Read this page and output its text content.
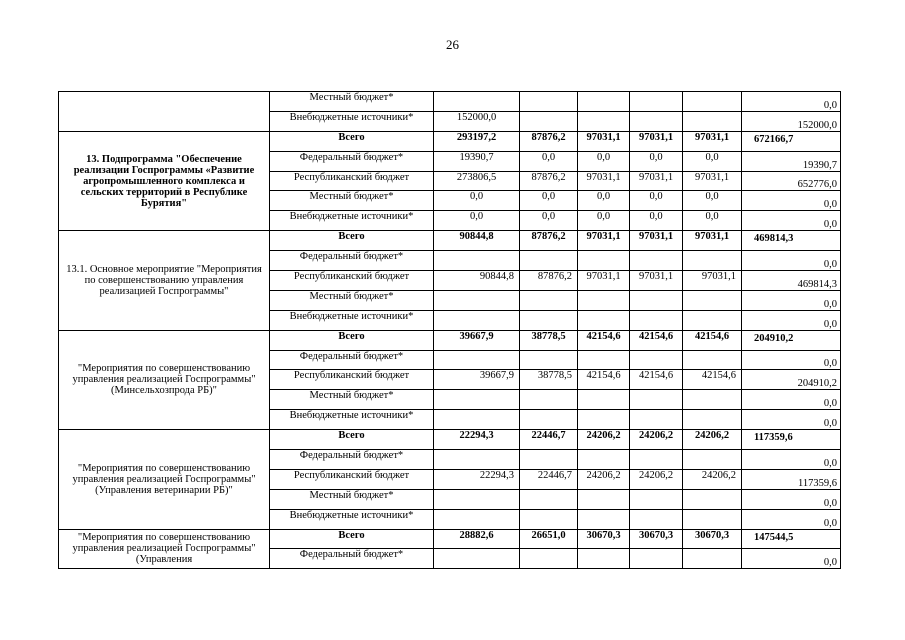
26
	Местный бюджет*						0,0
	Внебюджетные источники*	152000,0					152000,0
13. Подпрограмма "Обеспечение реализации Госпрограммы «Развитие агропромышленного комплекса и сельских территорий в Республике Бурятия"	Всего	293197,2	87876,2	97031,1	97031,1	97031,1	672166,7
	Федеральный бюджет*	19390,7	0,0	0,0	0,0	0,0	19390,7
	Республиканский бюджет	273806,5	87876,2	97031,1	97031,1	97031,1	652776,0
	Местный бюджет*	0,0	0,0	0,0	0,0	0,0	0,0
	Внебюджетные источники*	0,0	0,0	0,0	0,0	0,0	0,0
13.1. Основное мероприятие "Мероприятия по совершенствованию управления реализацией Госпрограммы"	Всего	90844,8	87876,2	97031,1	97031,1	97031,1	469814,3
	Федеральный бюджет*						0,0
	Республиканский бюджет	90844,8	87876,2	97031,1	97031,1	97031,1	469814,3
	Местный бюджет*						0,0
	Внебюджетные источники*						0,0
"Мероприятия по совершенствованию управления реализацией Госпрограммы" (Минсельхозпрода РБ)"	Всего	39667,9	38778,5	42154,6	42154,6	42154,6	204910,2
	Федеральный бюджет*						0,0
	Республиканский бюджет	39667,9	38778,5	42154,6	42154,6	42154,6	204910,2
	Местный бюджет*						0,0
	Внебюджетные источники*						0,0
"Мероприятия по совершенствованию управления реализацией Госпрограммы" (Управления ветеринарии РБ)"	Всего	22294,3	22446,7	24206,2	24206,2	24206,2	117359,6
	Федеральный бюджет*						0,0
	Республиканский бюджет	22294,3	22446,7	24206,2	24206,2	24206,2	117359,6
	Местный бюджет*						0,0
	Внебюджетные источники*						0,0
"Мероприятия по совершенствованию управления реализацией Госпрограммы" (Управления	Всего	28882,6	26651,0	30670,3	30670,3	30670,3	147544,5
	Федеральный бюджет*						0,0
